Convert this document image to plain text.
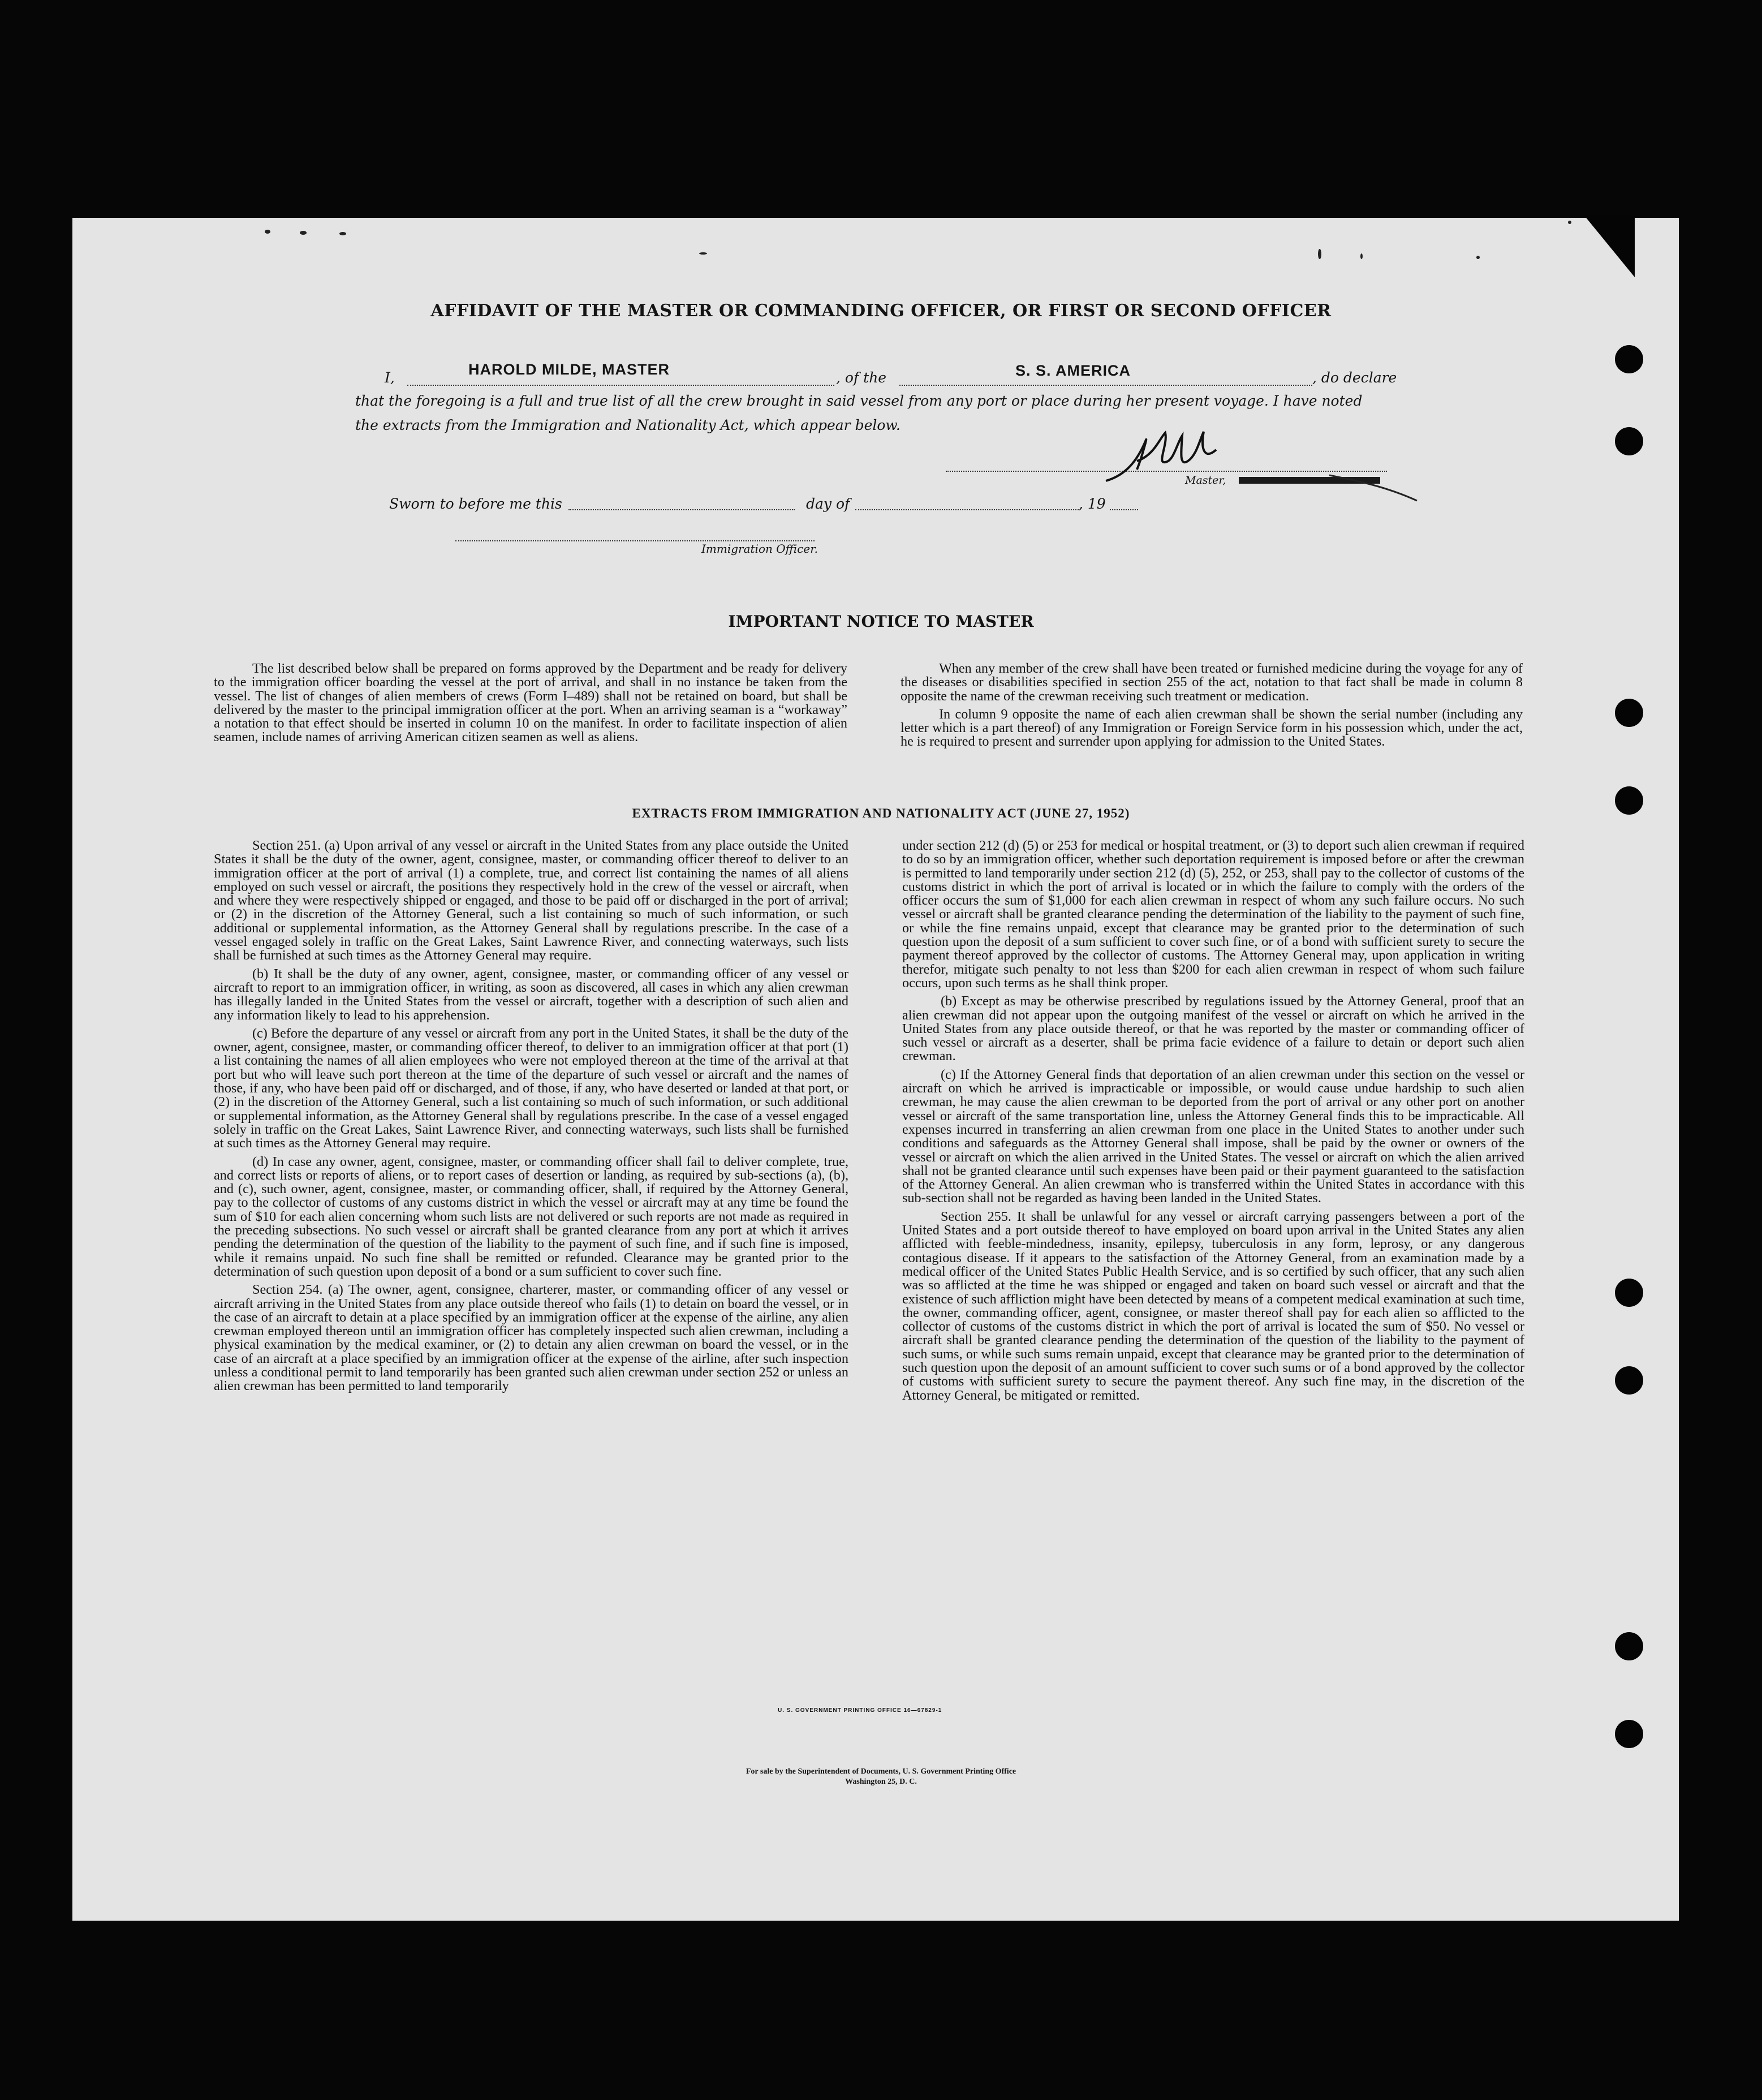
AFFIDAVIT OF THE MASTER OR COMMANDING OFFICER, OR FIRST OR SECOND OFFICER
I,	HAROLD MILDE, MASTER	, of the	S. S. AMERICA	, do declare
that the foregoing is a full and true list of all the crew brought in said vessel from any port or place during her present voyage. I have noted
the extracts from the Immigration and Nationality Act, which appear below.
Master,
Sworn to before me this	day of	, 19
Immigration Officer.
IMPORTANT NOTICE TO MASTER

The list described below shall be prepared on forms approved by the Department and be ready for delivery to the immigration officer boarding the vessel at the port of arrival, and shall in no instance be taken from the vessel. The list of changes of alien members of crews (Form I–489) shall not be retained on board, but shall be delivered by the master to the principal immigration officer at the port. When an arriving seaman is a “workaway” a notation to that effect should be inserted in column 10 on the manifest. In order to facilitate inspection of alien seamen, include names of arriving American citizen seamen as well as aliens.

When any member of the crew shall have been treated or furnished medicine during the voyage for any of the diseases or disabilities specified in section 255 of the act, notation to that fact shall be made in column 8 opposite the name of the crewman receiving such treatment or medication.

In column 9 opposite the name of each alien crewman shall be shown the serial number (including any letter which is a part thereof) of any Immigration or Foreign Service form in his possession which, under the act, he is required to present and surrender upon applying for admission to the United States.

EXTRACTS FROM IMMIGRATION AND NATIONALITY ACT (JUNE 27, 1952)

Section 251. (a) Upon arrival of any vessel or aircraft in the United States from any place outside the United States it shall be the duty of the owner, agent, consignee, master, or commanding officer thereof to deliver to an immigration officer at the port of arrival (1) a complete, true, and correct list containing the names of all aliens employed on such vessel or aircraft, the positions they respectively hold in the crew of the vessel or aircraft, when and where they were respectively shipped or engaged, and those to be paid off or discharged in the port of arrival; or (2) in the discretion of the Attorney General, such a list containing so much of such information, or such additional or supplemental information, as the Attorney General shall by regulations prescribe. In the case of a vessel engaged solely in traffic on the Great Lakes, Saint Lawrence River, and connecting waterways, such lists shall be furnished at such times as the Attorney General may require.

(b) It shall be the duty of any owner, agent, consignee, master, or commanding officer of any vessel or aircraft to report to an immigration officer, in writing, as soon as discovered, all cases in which any alien crewman has illegally landed in the United States from the vessel or aircraft, together with a description of such alien and any information likely to lead to his apprehension.

(c) Before the departure of any vessel or aircraft from any port in the United States, it shall be the duty of the owner, agent, consignee, master, or commanding officer thereof, to deliver to an immigration officer at that port (1) a list containing the names of all alien employees who were not employed thereon at the time of the arrival at that port but who will leave such port thereon at the time of the departure of such vessel or aircraft and the names of those, if any, who have been paid off or discharged, and of those, if any, who have deserted or landed at that port, or (2) in the discretion of the Attorney General, such a list containing so much of such information, or such additional or supplemental information, as the Attorney General shall by regulations prescribe. In the case of a vessel engaged solely in traffic on the Great Lakes, Saint Lawrence River, and connecting waterways, such lists shall be furnished at such times as the Attorney General may require.

(d) In case any owner, agent, consignee, master, or commanding officer shall fail to deliver complete, true, and correct lists or reports of aliens, or to report cases of desertion or landing, as required by sub-sections (a), (b), and (c), such owner, agent, consignee, master, or commanding officer, shall, if required by the Attorney General, pay to the collector of customs of any customs district in which the vessel or aircraft may at any time be found the sum of $10 for each alien concerning whom such lists are not delivered or such reports are not made as required in the preceding subsections. No such vessel or aircraft shall be granted clearance from any port at which it arrives pending the determination of the question of the liability to the payment of such fine, and if such fine is imposed, while it remains unpaid. No such fine shall be remitted or refunded. Clearance may be granted prior to the determination of such question upon deposit of a bond or a sum sufficient to cover such fine.

Section 254. (a) The owner, agent, consignee, charterer, master, or commanding officer of any vessel or aircraft arriving in the United States from any place outside thereof who fails (1) to detain on board the vessel, or in the case of an aircraft to detain at a place specified by an immigration officer at the expense of the airline, any alien crewman employed thereon until an immigration officer has completely inspected such alien crewman, including a physical examination by the medical examiner, or (2) to detain any alien crewman on board the vessel, or in the case of an aircraft at a place specified by an immigration officer at the expense of the airline, after such inspection unless a conditional permit to land temporarily has been granted such alien crewman under section 252 or unless an alien crewman has been permitted to land temporarily

under section 212 (d) (5) or 253 for medical or hospital treatment, or (3) to deport such alien crewman if required to do so by an immigration officer, whether such deportation requirement is imposed before or after the crewman is permitted to land temporarily under section 212 (d) (5), 252, or 253, shall pay to the collector of customs of the customs district in which the port of arrival is located or in which the failure to comply with the orders of the officer occurs the sum of $1,000 for each alien crewman in respect of whom any such failure occurs. No such vessel or aircraft shall be granted clearance pending the determination of the liability to the payment of such fine, or while the fine remains unpaid, except that clearance may be granted prior to the determination of such question upon the deposit of a sum sufficient to cover such fine, or of a bond with sufficient surety to secure the payment thereof approved by the collector of customs. The Attorney General may, upon application in writing therefor, mitigate such penalty to not less than $200 for each alien crewman in respect of whom such failure occurs, upon such terms as he shall think proper.

(b) Except as may be otherwise prescribed by regulations issued by the Attorney General, proof that an alien crewman did not appear upon the outgoing manifest of the vessel or aircraft on which he arrived in the United States from any place outside thereof, or that he was reported by the master or commanding officer of such vessel or aircraft as a deserter, shall be prima facie evidence of a failure to detain or deport such alien crewman.

(c) If the Attorney General finds that deportation of an alien crewman under this section on the vessel or aircraft on which he arrived is impracticable or impossible, or would cause undue hardship to such alien crewman, he may cause the alien crewman to be deported from the port of arrival or any other port on another vessel or aircraft of the same transportation line, unless the Attorney General finds this to be impracticable. All expenses incurred in transferring an alien crewman from one place in the United States to another under such conditions and safeguards as the Attorney General shall impose, shall be paid by the owner or owners of the vessel or aircraft on which the alien arrived in the United States. The vessel or aircraft on which the alien arrived shall not be granted clearance until such expenses have been paid or their payment guaranteed to the satisfaction of the Attorney General. An alien crewman who is transferred within the United States in accordance with this sub-section shall not be regarded as having been landed in the United States.

Section 255. It shall be unlawful for any vessel or aircraft carrying passengers between a port of the United States and a port outside thereof to have employed on board upon arrival in the United States any alien afflicted with feeble-mindedness, insanity, epilepsy, tuberculosis in any form, leprosy, or any dangerous contagious disease. If it appears to the satisfaction of the Attorney General, from an examination made by a medical officer of the United States Public Health Service, and is so certified by such officer, that any such alien was so afflicted at the time he was shipped or engaged and taken on board such vessel or aircraft and that the existence of such affliction might have been detected by means of a competent medical examination at such time, the owner, commanding officer, agent, consignee, or master thereof shall pay for each alien so afflicted to the collector of customs of the customs district in which the port of arrival is located the sum of $50. No vessel or aircraft shall be granted clearance pending the determination of the question of the liability to the payment of such sums, or while such sums remain unpaid, except that clearance may be granted prior to the determination of such question upon the deposit of an amount sufficient to cover such sums or of a bond approved by the collector of customs with sufficient surety to secure the payment thereof. Any such fine may, in the discretion of the Attorney General, be mitigated or remitted.

U. S. GOVERNMENT PRINTING OFFICE 16—67829-1
For sale by the Superintendent of Documents, U. S. Government Printing Office
Washington 25, D. C.
